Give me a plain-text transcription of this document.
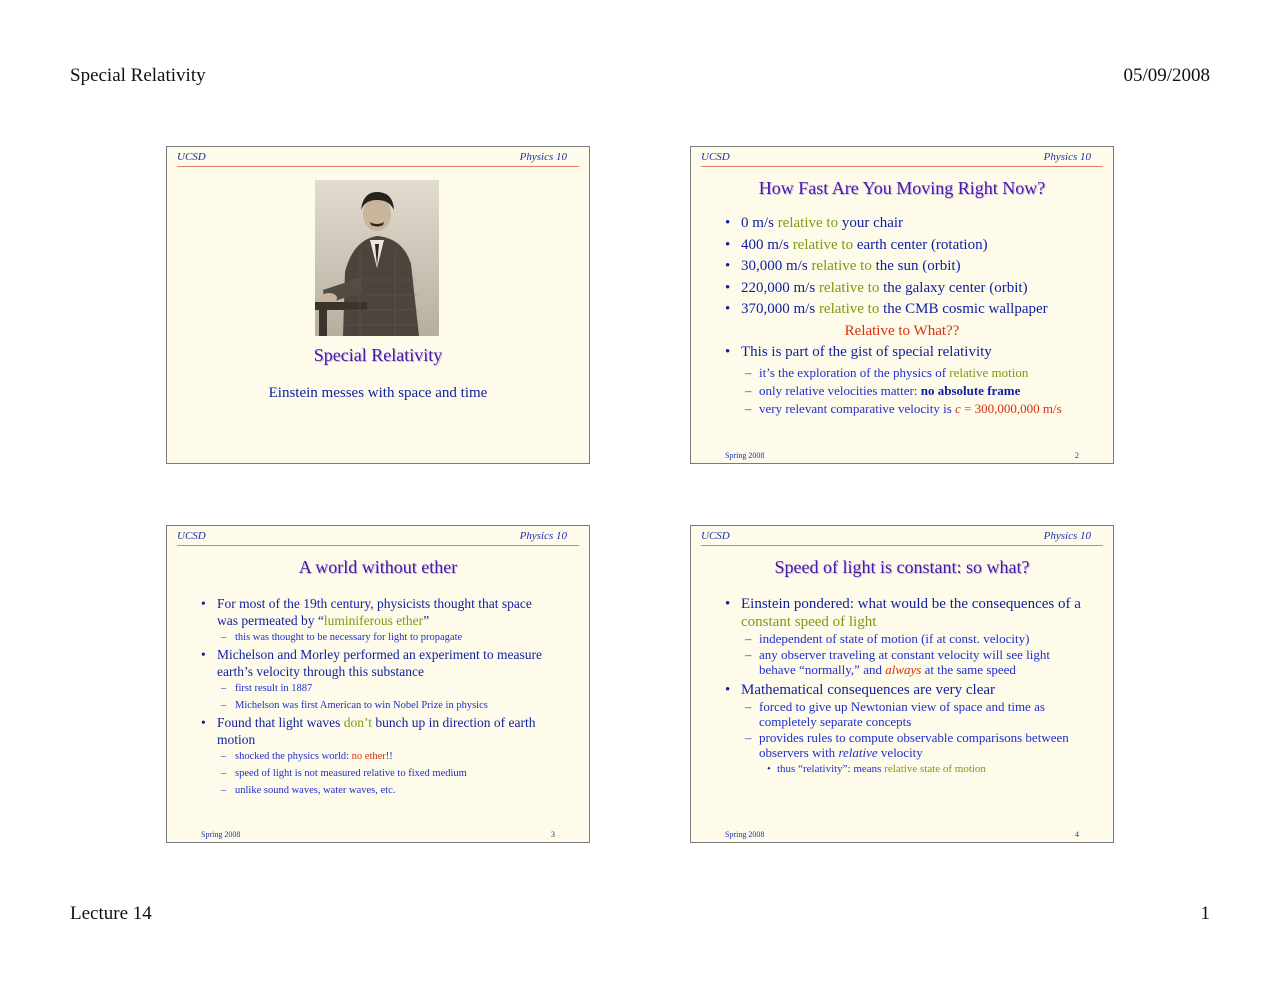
Special Relativity	05/09/2008
UCSD	Physics 10
Special Relativity
Einstein messes with space and time
UCSD	Physics 10
How Fast Are You Moving Right Now?
• 0 m/s relative to your chair
• 400 m/s relative to earth center (rotation)
• 30,000 m/s relative to the sun (orbit)
• 220,000 m/s relative to the galaxy center (orbit)
• 370,000 m/s relative to the CMB cosmic wallpaper
Relative to What??
• This is part of the gist of special relativity
– it’s the exploration of the physics of relative motion
– only relative velocities matter: no absolute frame
– very relevant comparative velocity is c = 300,000,000 m/s
Spring 2008	2
UCSD	Physics 10
A world without ether
• For most of the 19th century, physicists thought that space was permeated by “luminiferous ether”
– this was thought to be necessary for light to propagate
• Michelson and Morley performed an experiment to measure earth’s velocity through this substance
– first result in 1887
– Michelson was first American to win Nobel Prize in physics
• Found that light waves don’t bunch up in direction of earth motion
– shocked the physics world: no ether!!
– speed of light is not measured relative to fixed medium
– unlike sound waves, water waves, etc.
Spring 2008	3
UCSD	Physics 10
Speed of light is constant: so what?
• Einstein pondered: what would be the consequences of a constant speed of light
– independent of state of motion (if at const. velocity)
– any observer traveling at constant velocity will see light behave “normally,” and always at the same speed
• Mathematical consequences are very clear
– forced to give up Newtonian view of space and time as completely separate concepts
– provides rules to compute observable comparisons between observers with relative velocity
• thus “relativity”: means relative state of motion
Spring 2008	4
Lecture 14	1
